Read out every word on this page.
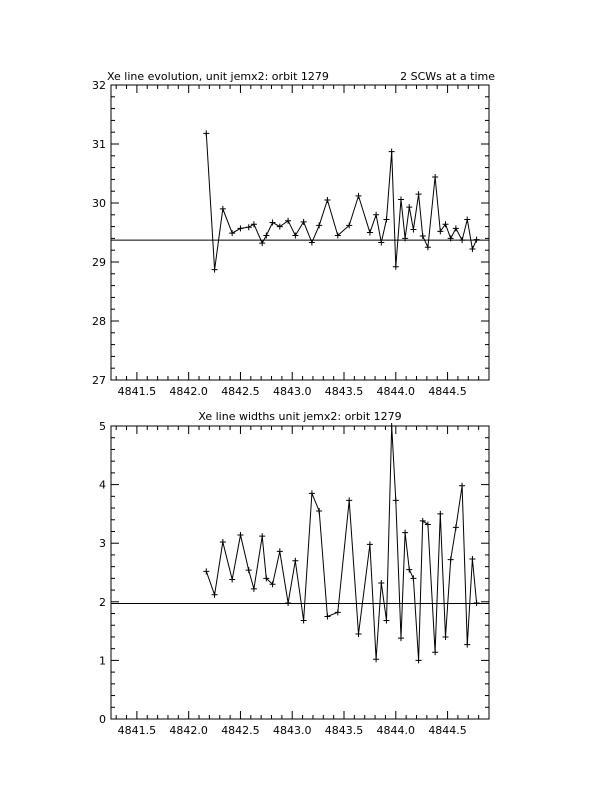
Xe line evolution, unit jemx2: orbit 1279	2 SCWs at a time
27
28
29
30
31
32
4841.5 4842.0 4842.5 4843.0 4843.5 4844.0 4844.5
Xe line widths unit jemx2: orbit 1279
0
1
2
3
4
5
4841.5 4842.0 4842.5 4843.0 4843.5 4844.0 4844.5
